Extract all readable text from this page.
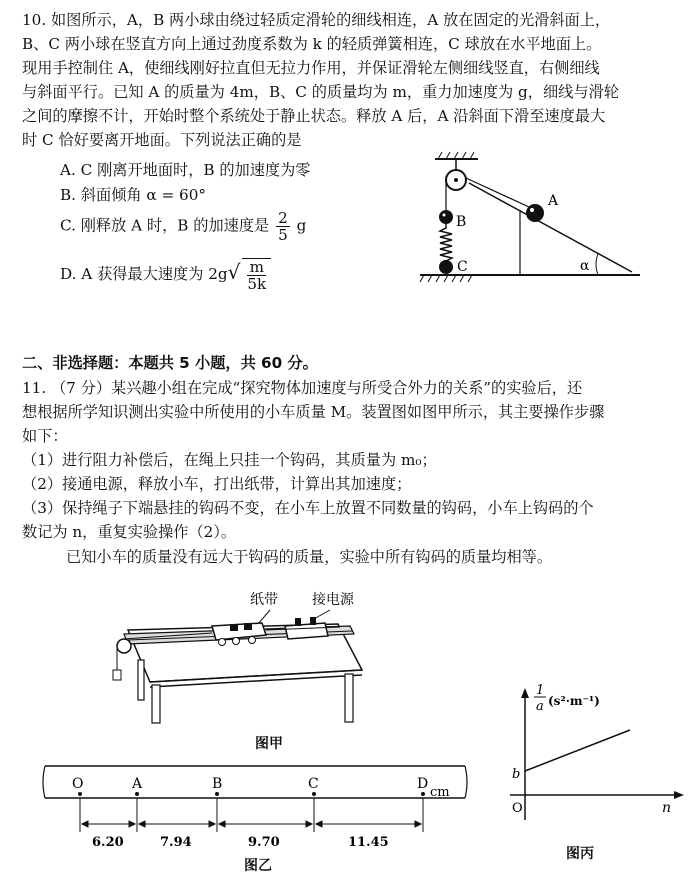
10. 如图所示，A，B 两小球由绕过轻质定滑轮的细线相连，A 放在固定的光滑斜面上，
B、C 两小球在竖直方向上通过劲度系数为 k 的轻质弹簧相连，C 球放在水平地面上。
现用手控制住 A，使细线刚好拉直但无拉力作用，并保证滑轮左侧细线竖直，右侧细线
与斜面平行。已知 A 的质量为 4m，B、C 的质量均为 m，重力加速度为 g，细线与滑轮
之间的摩擦不计，开始时整个系统处于静止状态。释放 A 后，A 沿斜面下滑至速度最大
时 C 恰好要离开地面。下列说法正确的是
A. C 刚离开地面时，B 的加速度为零
B. 斜面倾角 α = 60°
C. 刚释放 A 时，B 的加速度是 $\frac{2}{5}$ g
D. A 获得最大速度为 $2g√ \frac{m}{5k}$
B
C
A
α
二、非选择题：本题共 5 小题，共 60 分。
11. （7 分）某兴趣小组在完成“探究物体加速度与所受合外力的关系”的实验后，还
想根据所学知识测出实验中所使用的小车质量 M。装置图如图甲所示，其主要操作步骤
如下：
（1）进行阻力补偿后，在绳上只挂一个钩码，其质量为 m₀；
（2）接通电源，释放小车，打出纸带，计算出其加速度；
（3）保持绳子下端悬挂的钩码不变，在小车上放置不同数量的钩码，小车上钩码的个
数记为 n，重复实验操作（2）。
已知小车的质量没有远大于钩码的质量，实验中所有钩码的质量均相等。
纸带 接电源
图甲
O	A	B	C	D
cm
6.20	7.94	9.70	11.45
图乙
1
a (s²·m⁻¹)
n
O
b
图丙
